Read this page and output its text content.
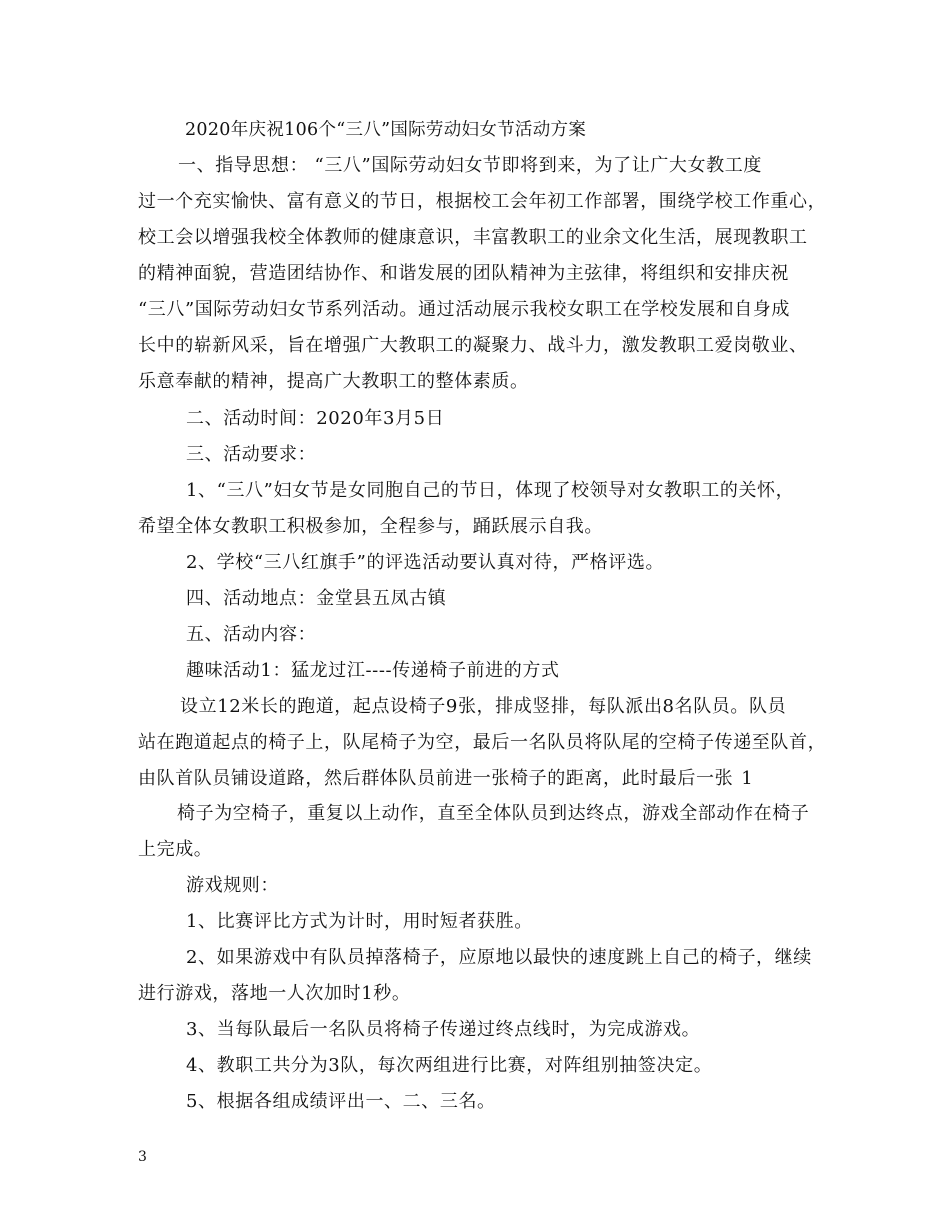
2020年庆祝106个“三八”国际劳动妇女节活动方案
一、指导思想： “三八”国际劳动妇女节即将到来，为了让广大女教工度
过一个充实愉快、富有意义的节日，根据校工会年初工作部署，围绕学校工作重心，
校工会以增强我校全体教师的健康意识，丰富教职工的业余文化生活，展现教职工
的精神面貌，营造团结协作、和谐发展的团队精神为主弦律，将组织和安排庆祝
“三八”国际劳动妇女节系列活动。通过活动展示我校女职工在学校发展和自身成
长中的崭新风采，旨在增强广大教职工的凝聚力、战斗力，激发教职工爱岗敬业、
乐意奉献的精神，提高广大教职工的整体素质。
二、活动时间：2020年3月5日
三、活动要求：
1、“三八”妇女节是女同胞自己的节日，体现了校领导对女教职工的关怀，
希望全体女教职工积极参加，全程参与，踊跃展示自我。
2、学校“三八红旗手”的评选活动要认真对待，严格评选。
四、活动地点：金堂县五凤古镇
五、活动内容：
趣味活动1：猛龙过江----传递椅子前进的方式
设立12米长的跑道，起点设椅子9张，排成竖排，每队派出8名队员。队员
站在跑道起点的椅子上，队尾椅子为空，最后一名队员将队尾的空椅子传递至队首，
由队首队员铺设道路，然后群体队员前进一张椅子的距离，此时最后一张 1
椅子为空椅子，重复以上动作，直至全体队员到达终点，游戏全部动作在椅子
上完成。
游戏规则：
1、比赛评比方式为计时，用时短者获胜。
2、如果游戏中有队员掉落椅子，应原地以最快的速度跳上自己的椅子，继续
进行游戏，落地一人次加时1秒。
3、当每队最后一名队员将椅子传递过终点线时，为完成游戏。
4、教职工共分为3队，每次两组进行比赛，对阵组别抽签决定。
5、根据各组成绩评出一、二、三名。
3
